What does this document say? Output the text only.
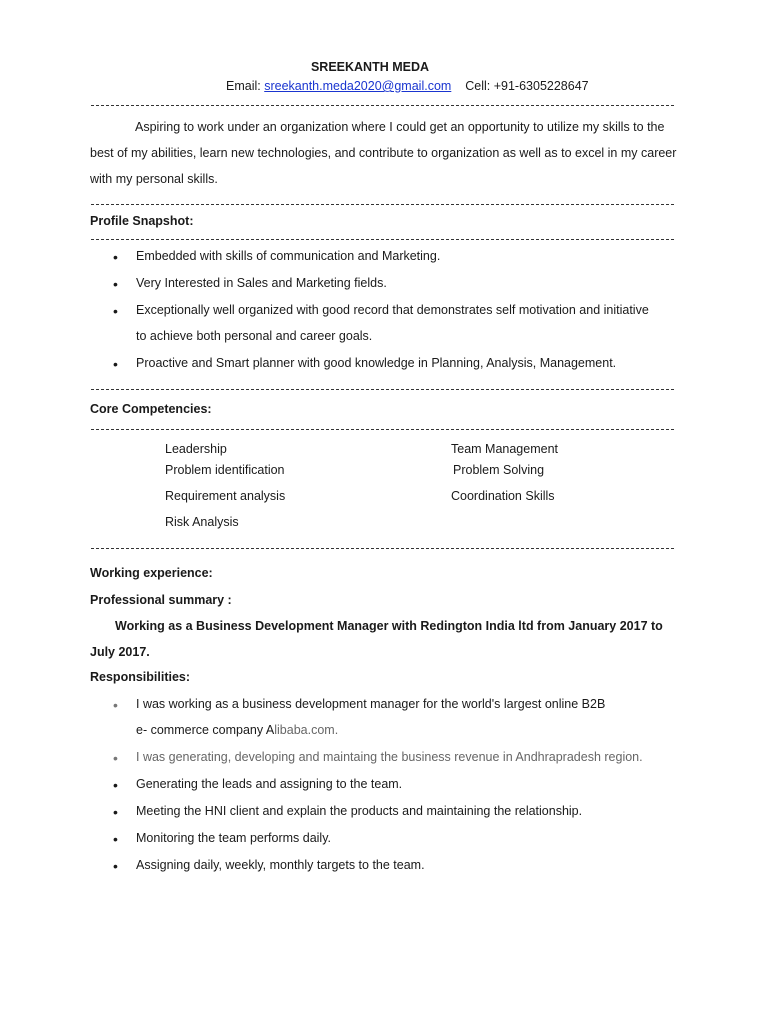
SREEKANTH MEDA
Email: sreekanth.meda2020@gmail.com Cell: +91-6305228647
Aspiring to work under an organization where I could get an opportunity to utilize my skills to the best of my abilities, learn new technologies, and contribute to organization as well as to excel in my career with my personal skills.
Profile Snapshot:
• Embedded with skills of communication and Marketing.
• Very Interested in Sales and Marketing fields.
• Exceptionally well organized with good record that demonstrates self motivation and initiative
to achieve both personal and career goals.
• Proactive and Smart planner with good knowledge in Planning, Analysis, Management.
Core Competencies:
Leadership
Problem identification
Requirement analysis
Risk Analysis
Team Management
Problem Solving
Coordination Skills
Working experience:
Professional summary :
Working as a Business Development Manager with Redington India ltd from January 2017 to
July 2017.
Responsibilities:
• I was working as a business development manager for the world's largest online B2B
e- commerce company Alibaba.com.
• I was generating, developing and maintaing the business revenue in Andhrapradesh region.
• Generating the leads and assigning to the team.
• Meeting the HNI client and explain the products and maintaining the relationship.
• Monitoring the team performs daily.
• Assigning daily, weekly, monthly targets to the team.
